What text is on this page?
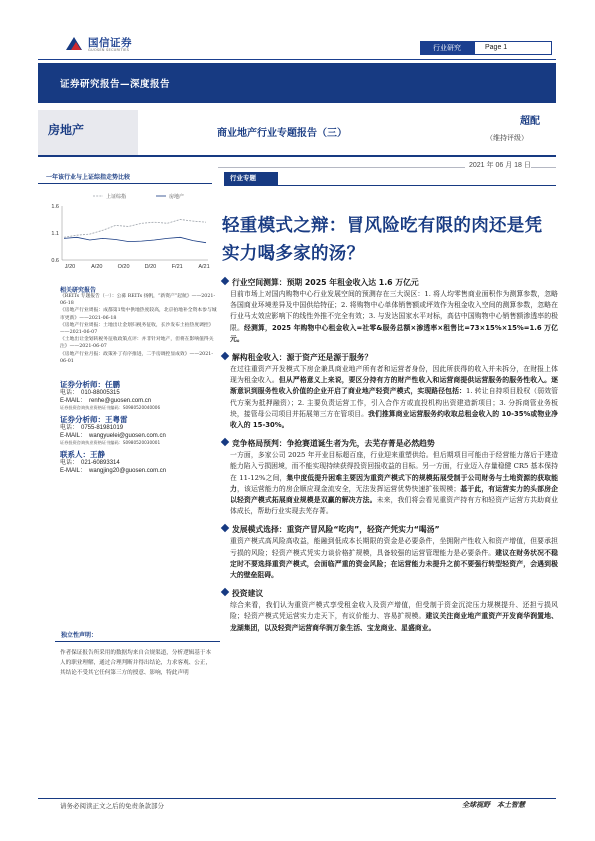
国信证券
GUOSEN SECURITIES	行业研究	Page 1
证券研究报告—深度报告
房地产	商业地产行业专题报告（三）
超配
（维持评级）
2021 年 06 月 18 日
一年该行业与上证综指走势比较
1.6
1.1
0.6
J/20	A/20	O/20	D/20	F/21	A/21
上证综指	房地产
相关研究报告
《REITs 专题报告（一）：公募 REITs 扬帆，“新资产”起航》——2021-06-18
《房地产行业周报：成都第1集中供地热度较高，北京拍地补全资本参与城市更新》——2021-06-18
《房地产行业周报：土地出让金划归税务征收，长沙发布土拍热度调控》——2021-06-07
《土地出让金划转税务征收政策点评：并非针对地产，但将在影响值得关注》——2021-06-07
《房地产行业月报：政策补丁有序推进，二手房调控显成效》——2021-06-01
证券分析师：任鹏
电话：　010-88005315
E-MAIL：　renhe@guosen.com.cn
证券投资咨询执业资格证书编码：S0980520040006
证券分析师：王粤雷
电话：　0755-81981019
E-MAIL：　wangyuelei@guosen.com.cn
证券投资咨询执业资格证书编码：S0980520030001
联系人：王静
电话：　021-60893314
E-MAIL：　wangjing20@guosen.com.cn
独立性声明：
作者保证报告所采用的数据均来自合规渠道，分析逻辑基于本人的职业理解，通过合理判断并得出结论，力求客观、公正，其结论不受其它任何第三方的授意、影响，特此声明
行业专题
轻重模式之辩：冒风险吃有限的肉还是凭实力喝多家的汤？
行业空间测算：预期 2025 年租金收入达 1.6 万亿元
目前市场上对国内购物中心行业发展空间的预测存在三大误区：1. 将人均零售商业面积作为测算参数，忽略各国商业环境差异及中国供给特征；2. 将购物中心单体销售额或坪效作为租金收入空间的测算参数，忽略在行业马太效应影响下的线性外推不完全有效；3. 与发达国家水平对标，高估中国购物中心销售额渗透率的极限。经测算，2025 年购物中心租金收入=社零&服务总额×渗透率×租售比=73×15%×15%=1.6 万亿元。
解构租金收入：源于资产还是源于服务？
在过往重资产开发模式下房企兼具商业地产所有者和运营者身份，因此所获得的收入并未拆分，在财报上体现为租金收入。但从严格意义上来说，要区分持有方的财产性收入和运营商提供运营服务的服务性收入。逐渐意识到服务性收入价值的企业开启了商业地产轻资产模式，实现路径包括：1. 转让自持项目股权（弱效管代方案为抵押融资）；2. 主要负责运营工作，引入合作方或直投机构出资建造新项目；3. 分拆商管业务板块，接管母公司项目并拓展第三方在管项目。我们推算商业运营服务约收取总租金收入的 10-35%或物业净收入的 15-30%。
竞争格局预判：争抢赛道诞生者为先，去芜存菁是必然趋势
一方面，多家公司 2025 年开业目标超百座，行业迎来重塑供给。但后期项目可能由于经营能力落后于建造能力陷入亏损困境，而不能实现持续获得投资回报收益的目标。另一方面，行业迈入存量稳健 CR5 基本保持在 11-12%之间，集中度低提升困难主要因为重资产模式下的规模拓展受制于公司财务与土地资源的获取能力，该运营能力的房企顺应现金流安全，无法发挥运营优势快速扩张规模；基于此，有运营实力的头部房企以轻资产模式拓展商业规模是双赢的解决方法。未来，我们将会看见重资产持有方和轻资产运营方共助商业体成长，帮助行业实现去芜存菁。
发展模式选择：重资产冒风险“吃肉”，轻资产凭实力“喝汤”
重资产模式高风险高收益，能融到低成本长期限的资金是必要条件，坐拥附产性收入和资产增值，但要承担亏损的风险；轻资产模式凭实力谈价格扩规模，具备较强的运营管理能力是必要条件。建议在财务状况不稳定时不要选择重资产模式，会面临严重的资金风险；在运营能力未提升之前不要强行转型轻资产，会遇到极大的壁垒阻碍。
投资建议
综合来看，我们认为重资产模式享受租金收入及资产增值，但受制于资金沉淀压力规模提升、还担亏损风险；轻资产模式凭运营实力走天下，有议价能力、容易扩规模。建议关注商业地产重资产开发商华润置地、龙湖集团，以及轻资产运营商华润万象生活、宝龙商业、星盛商业。
请务必阅读正文之后的免责条款部分	全球视野　本土智慧
